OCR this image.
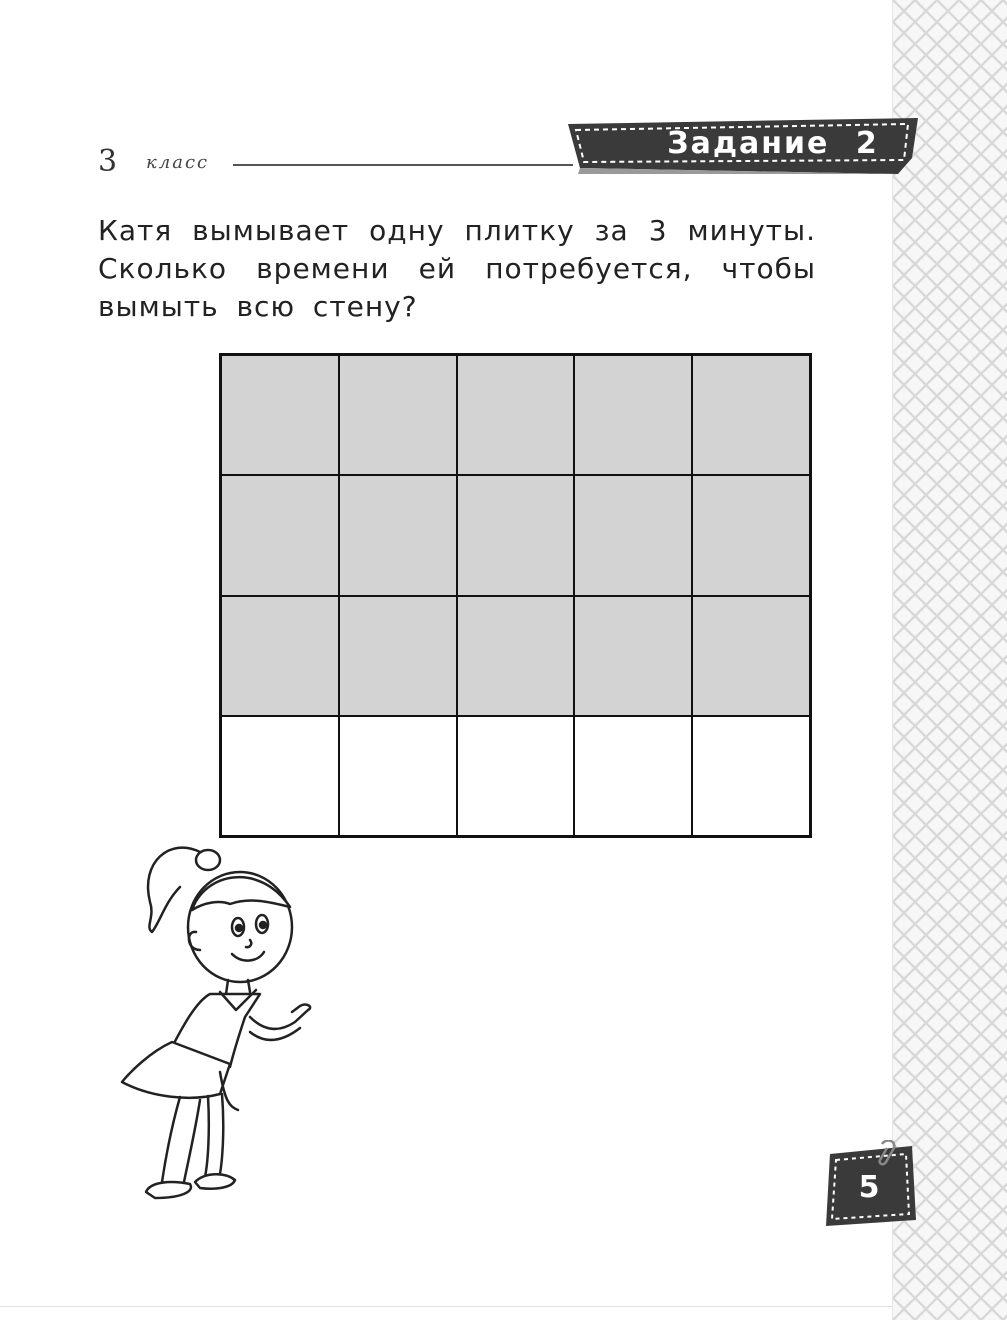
3 класс
Задание 2
Катя вымывает одну плитку за 3 минуты. Сколько времени ей потребуется, чтобы вымыть всю стену?
5
